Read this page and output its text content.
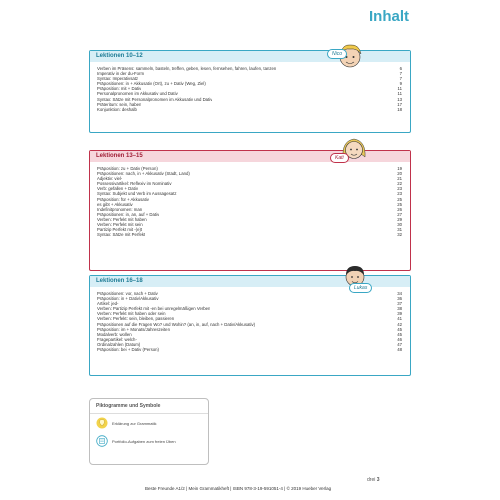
Inhalt
Lektionen 10–12
Verben im Präsens: sammeln, basteln, treffen, geben, lesen, fernsehen, fahren, laufen, tanzen	6
Imperativ in der du-Form	7
Syntax: Imperativsatz	7
Präpositionen: in + Akkusativ (Ort), zu + Dativ (Weg, Ziel)	9
Präposition: mit + Dativ	11
Personalpronomen im Akkusativ und Dativ	11
Syntax: Sätze mit Personalpronomen im Akkusativ und Dativ	13
Präteritum: sein, haben	17
Konjunktion: deshalb	18
Nico
Lektionen 13–15
Präposition: zu + Dativ (Person)	19
Präpositionen: nach, in + Akkusativ (Stadt, Land)	20
Adjektiv: viel-	21
Possessivartikel: Reflexiv im Nominativ	22
Verb: gefallen + Dativ	23
Syntax: Subjekt und Verb im Aussagesatz	23
Präposition: für + Akkusativ	25
es gibt + Akkusativ	25
Indefinitpronomen: man	26
Präpositionen: in, an, auf + Dativ	27
Verben: Perfekt mit haben	29
Verben: Perfekt mit sein	30
Partizip Perfekt mit -(e)t	31
Syntax: Sätze mit Perfekt	32
Kati
Lektionen 16–18
Präpositionen: vor, nach + Dativ	34
Präposition: in + Dativ/Akkusativ	36
Artikel: jed-	37
Verben: Partizip Perfekt mit -en bei unregelmäßigen Verben	38
Verben: Perfekt mit haben oder sein	39
Verben: Perfekt: sein, bleiben, passieren	41
Präpositionen auf die Fragen Wo? und Wohin? (an, in, auf, nach + Dativ/Akkusativ)	42
Präposition: im + Monats/Jahreszeiten	45
Modalverb: wollen	45
Fragepartikel: welch-	46
Ordinalzahlen (Datum)	47
Präposition: bei + Dativ (Person)	48
Lukas
Piktogramme und Symbole
Erklärung zur Grammatik
Portfolio-Aufgaben zum freien Üben
drei 3
Beste Freunde A1/2 | Mein Grammatikheft | ISBN 978-3-19-591051-4 | © 2019 Hueber Verlag
